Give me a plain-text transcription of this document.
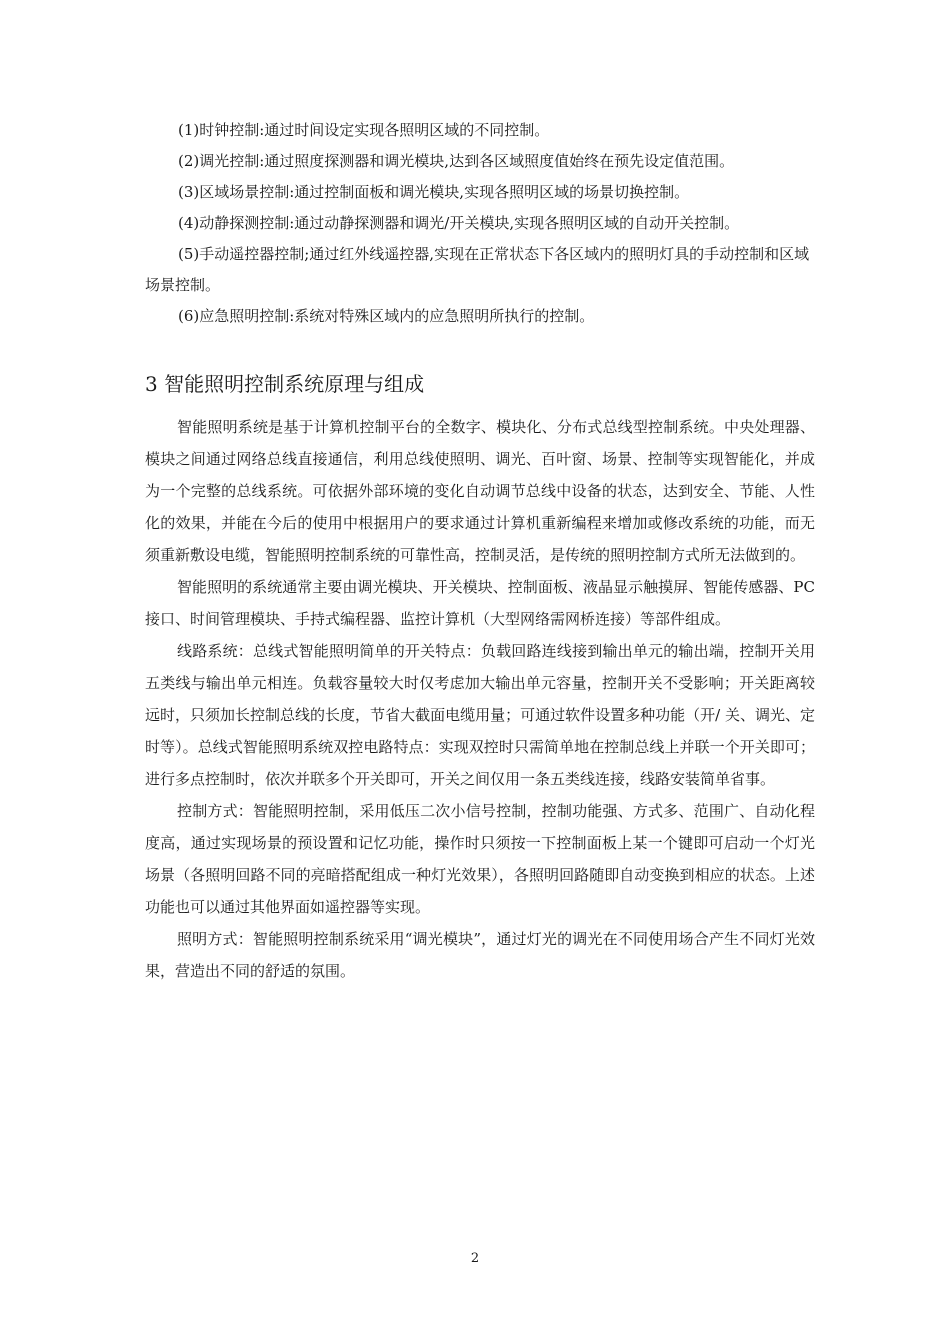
(1)时钟控制:通过时间设定实现各照明区域的不同控制。

(2)调光控制:通过照度探测器和调光模块,达到各区域照度值始终在预先设定值范围。

(3)区域场景控制:通过控制面板和调光模块,实现各照明区域的场景切换控制。

(4)动静探测控制:通过动静探测器和调光/开关模块,实现各照明区域的自动开关控制。

(5)手动遥控器控制;通过红外线遥控器,实现在正常状态下各区域内的照明灯具的手动控制和区域场景控制。

(6)应急照明控制:系统对特殊区域内的应急照明所执行的控制。

3 智能照明控制系统原理与组成

智能照明系统是基于计算机控制平台的全数字、模块化、分布式总线型控制系统。中央处理器、模块之间通过网络总线直接通信，利用总线使照明、调光、百叶窗、场景、控制等实现智能化，并成为一个完整的总线系统。可依据外部环境的变化自动调节总线中设备的状态，达到安全、节能、人性化的效果，并能在今后的使用中根据用户的要求通过计算机重新编程来增加或修改系统的功能，而无须重新敷设电缆，智能照明控制系统的可靠性高，控制灵活，是传统的照明控制方式所无法做到的。

智能照明的系统通常主要由调光模块、开关模块、控制面板、液晶显示触摸屏、智能传感器、PC 接口、时间管理模块、手持式编程器、监控计算机（大型网络需网桥连接）等部件组成。

线路系统：总线式智能照明简单的开关特点：负载回路连线接到输出单元的输出端，控制开关用五类线与输出单元相连。负载容量较大时仅考虑加大输出单元容量，控制开关不受影响；开关距离较远时，只须加长控制总线的长度，节省大截面电缆用量；可通过软件设置多种功能（开/ 关、调光、定时等）。总线式智能照明系统双控电路特点：实现双控时只需简单地在控制总线上并联一个开关即可；进行多点控制时，依次并联多个开关即可，开关之间仅用一条五类线连接，线路安装简单省事。

控制方式：智能照明控制，采用低压二次小信号控制，控制功能强、方式多、范围广、自动化程度高，通过实现场景的预设置和记忆功能，操作时只须按一下控制面板上某一个键即可启动一个灯光场景（各照明回路不同的亮暗搭配组成一种灯光效果），各照明回路随即自动变换到相应的状态。上述功能也可以通过其他界面如遥控器等实现。

照明方式：智能照明控制系统采用“调光模块”，通过灯光的调光在不同使用场合产生不同灯光效果，营造出不同的舒适的氛围。

2
